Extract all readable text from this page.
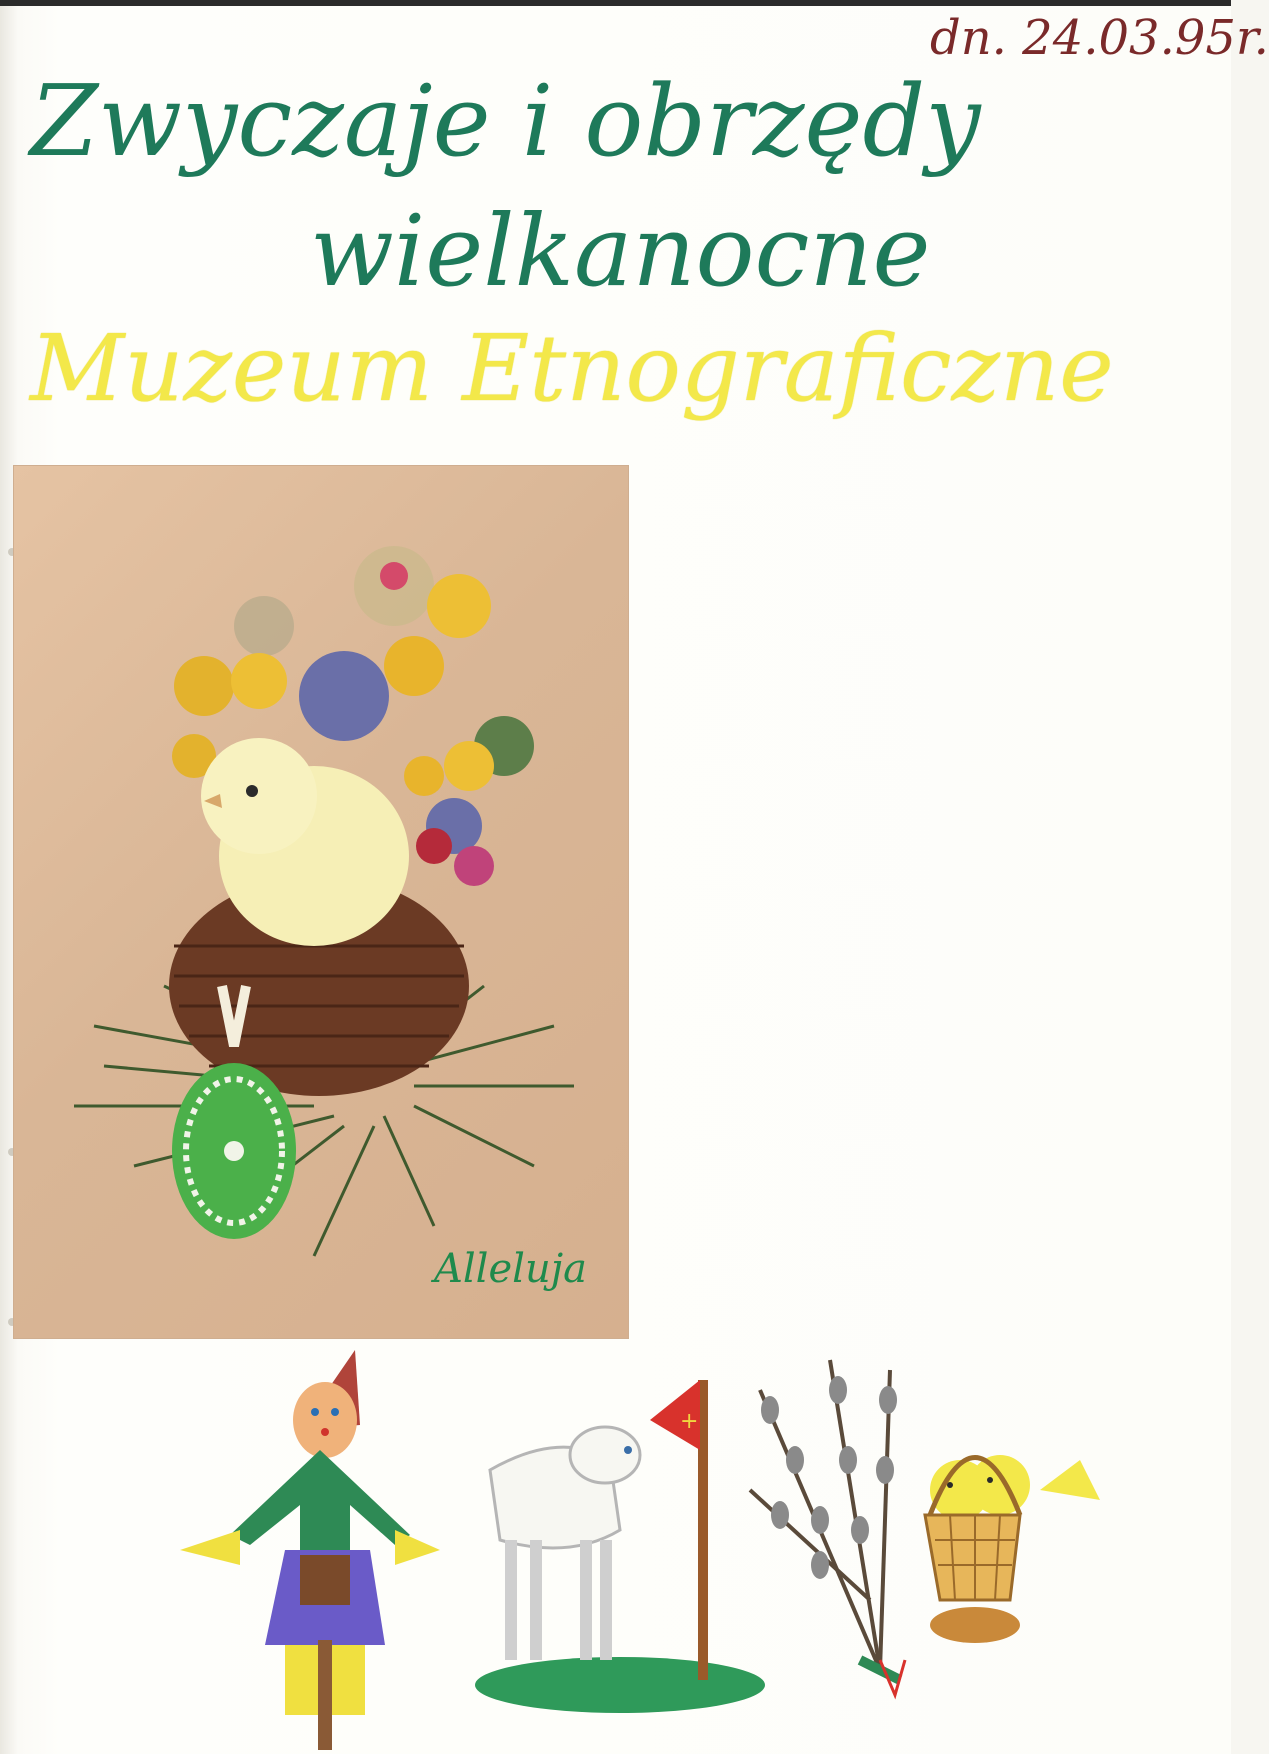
dn. 24.03.95r.
Zwyczaje i obrzędy
wielkanocne
Muzeum Etnograficzne
Alleluja
+
